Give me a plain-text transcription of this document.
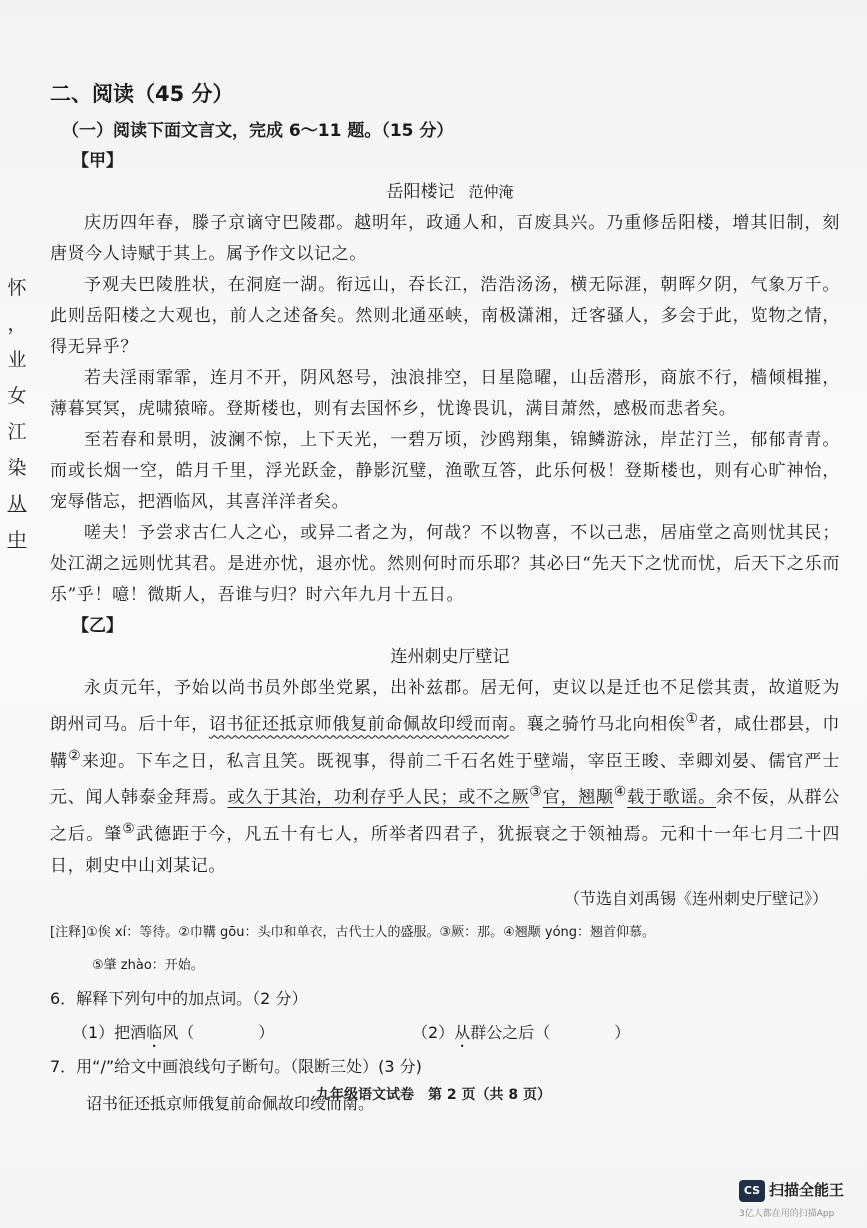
怀
，
业
女
江
染
从
中
二、阅读（45 分）
（一）阅读下面文言文，完成 6～11 题。（15 分）
【甲】
岳阳楼记 范仲淹

庆历四年春，滕子京谪守巴陵郡。越明年，政通人和，百废具兴。乃重修岳阳楼，增其旧制，刻唐贤今人诗赋于其上。属予作文以记之。

予观夫巴陵胜状，在洞庭一湖。衔远山，吞长江，浩浩汤汤，横无际涯，朝晖夕阴，气象万千。此则岳阳楼之大观也，前人之述备矣。然则北通巫峡，南极潇湘，迁客骚人，多会于此，览物之情，得无异乎？

若夫淫雨霏霏，连月不开，阴风怒号，浊浪排空，日星隐曜，山岳潜形，商旅不行，樯倾楫摧，薄暮冥冥，虎啸猿啼。登斯楼也，则有去国怀乡，忧谗畏讥，满目萧然，感极而悲者矣。

至若春和景明，波澜不惊，上下天光，一碧万顷，沙鸥翔集，锦鳞游泳，岸芷汀兰，郁郁青青。而或长烟一空，皓月千里，浮光跃金，静影沉璧，渔歌互答，此乐何极！登斯楼也，则有心旷神怡，宠辱偕忘，把酒临风，其喜洋洋者矣。

嗟夫！予尝求古仁人之心，或异二者之为，何哉？不以物喜，不以己悲，居庙堂之高则忧其民；处江湖之远则忧其君。是进亦忧，退亦忧。然则何时而乐耶？其必曰“先天下之忧而忧，后天下之乐而乐”乎！噫！微斯人，吾谁与归？时六年九月十五日。

【乙】
连州刺史厅壁记

永贞元年，予始以尚书员外郎坐党累，出补兹郡。居无何，吏议以是迁也不足偿其责，故道贬为朗州司马。后十年，诏书征还抵京师俄复前命佩故印绶而南。襄之骑竹马北向相俟①者，咸仕郡县，巾鞲②来迎。下车之日，私言且笑。既视事，得前二千石名姓于壁端，宰臣王晙、幸卿刘晏、儒官严士元、闻人韩泰金拜焉。或久于其治，功利存乎人民；或不之厥③官，翘颙④载于歌谣。余不佞，从群公之后。肇⑤武德距于今，凡五十有七人，所举者四君子，犹振衰之于领袖焉。元和十一年七月二十四日，刺史中山刘某记。

（节选自刘禹锡《连州刺史厅壁记》）
[注释]①俟 xí：等待。②巾鞲 gōu：头巾和单衣，古代士人的盛服。③厥：那。④翘颙 yóng：翘首仰慕。
⑤肇 zhào：开始。
6．解释下列句中的加点词。（2 分）
（1）把酒临风（　　　　）	（2）从群公之后（　　　　）
7．用“/”给文中画浪线句子断句。（限断三处）(3 分)
诏书征还抵京师俄复前命佩故印绶而南。
九年级语文试卷　第 2 页（共 8 页）
CS 扫描全能王
3亿人都在用的扫描App
